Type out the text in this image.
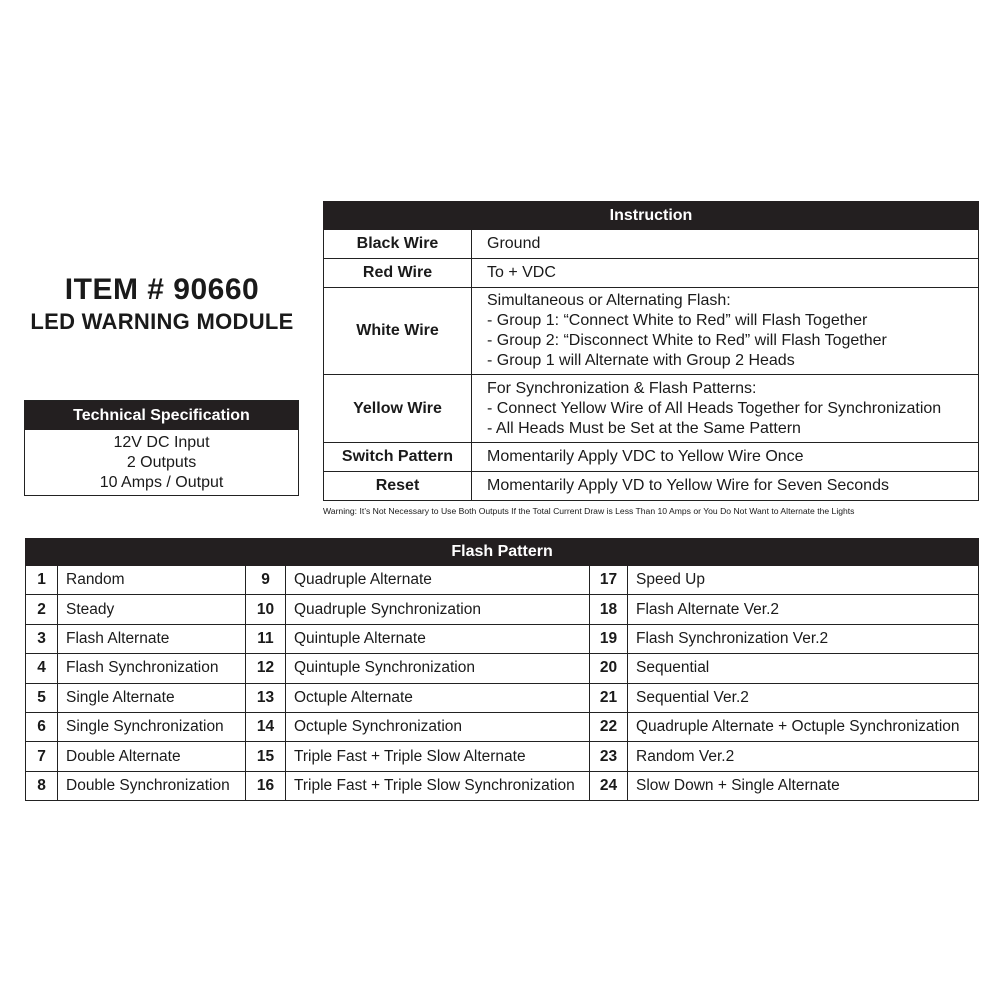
ITEM # 90660
LED WARNING MODULE
Technical Specification
12V DC Input
2 Outputs
10 Amps / Output
Instruction	
Black Wire	Ground

Red Wire	To + VDC

White Wire	Simultaneous or Alternating Flash:
- Group 1: “Connect White to Red” will Flash Together
- Group 2: “Disconnect White to Red” will Flash Together
- Group 1 will Alternate with Group 2 Heads

Yellow Wire	For Synchronization & Flash Patterns:
- Connect Yellow Wire of All Heads Together for Synchronization
- All Heads Must be Set at the Same Pattern

Switch Pattern	Momentarily Apply VDC to Yellow Wire Once

Reset	Momentarily Apply VD to Yellow Wire for Seven Seconds
Warning: It’s Not Necessary to Use Both Outputs If the Total Current Draw is Less Than 10 Amps or You Do Not Want to Alternate the Lights
Flash Pattern					
1	Random	9	Quadruple Alternate	17	Speed Up
2	Steady	10	Quadruple Synchronization	18	Flash Alternate Ver.2
3	Flash Alternate	11	Quintuple Alternate	19	Flash Synchronization Ver.2
4	Flash Synchronization	12	Quintuple Synchronization	20	Sequential
5	Single Alternate	13	Octuple Alternate	21	Sequential Ver.2
6	Single Synchronization	14	Octuple Synchronization	22	Quadruple Alternate + Octuple Synchronization
7	Double Alternate	15	Triple Fast + Triple Slow Alternate	23	Random Ver.2
8	Double Synchronization	16	Triple Fast + Triple Slow Synchronization	24	Slow Down + Single Alternate
